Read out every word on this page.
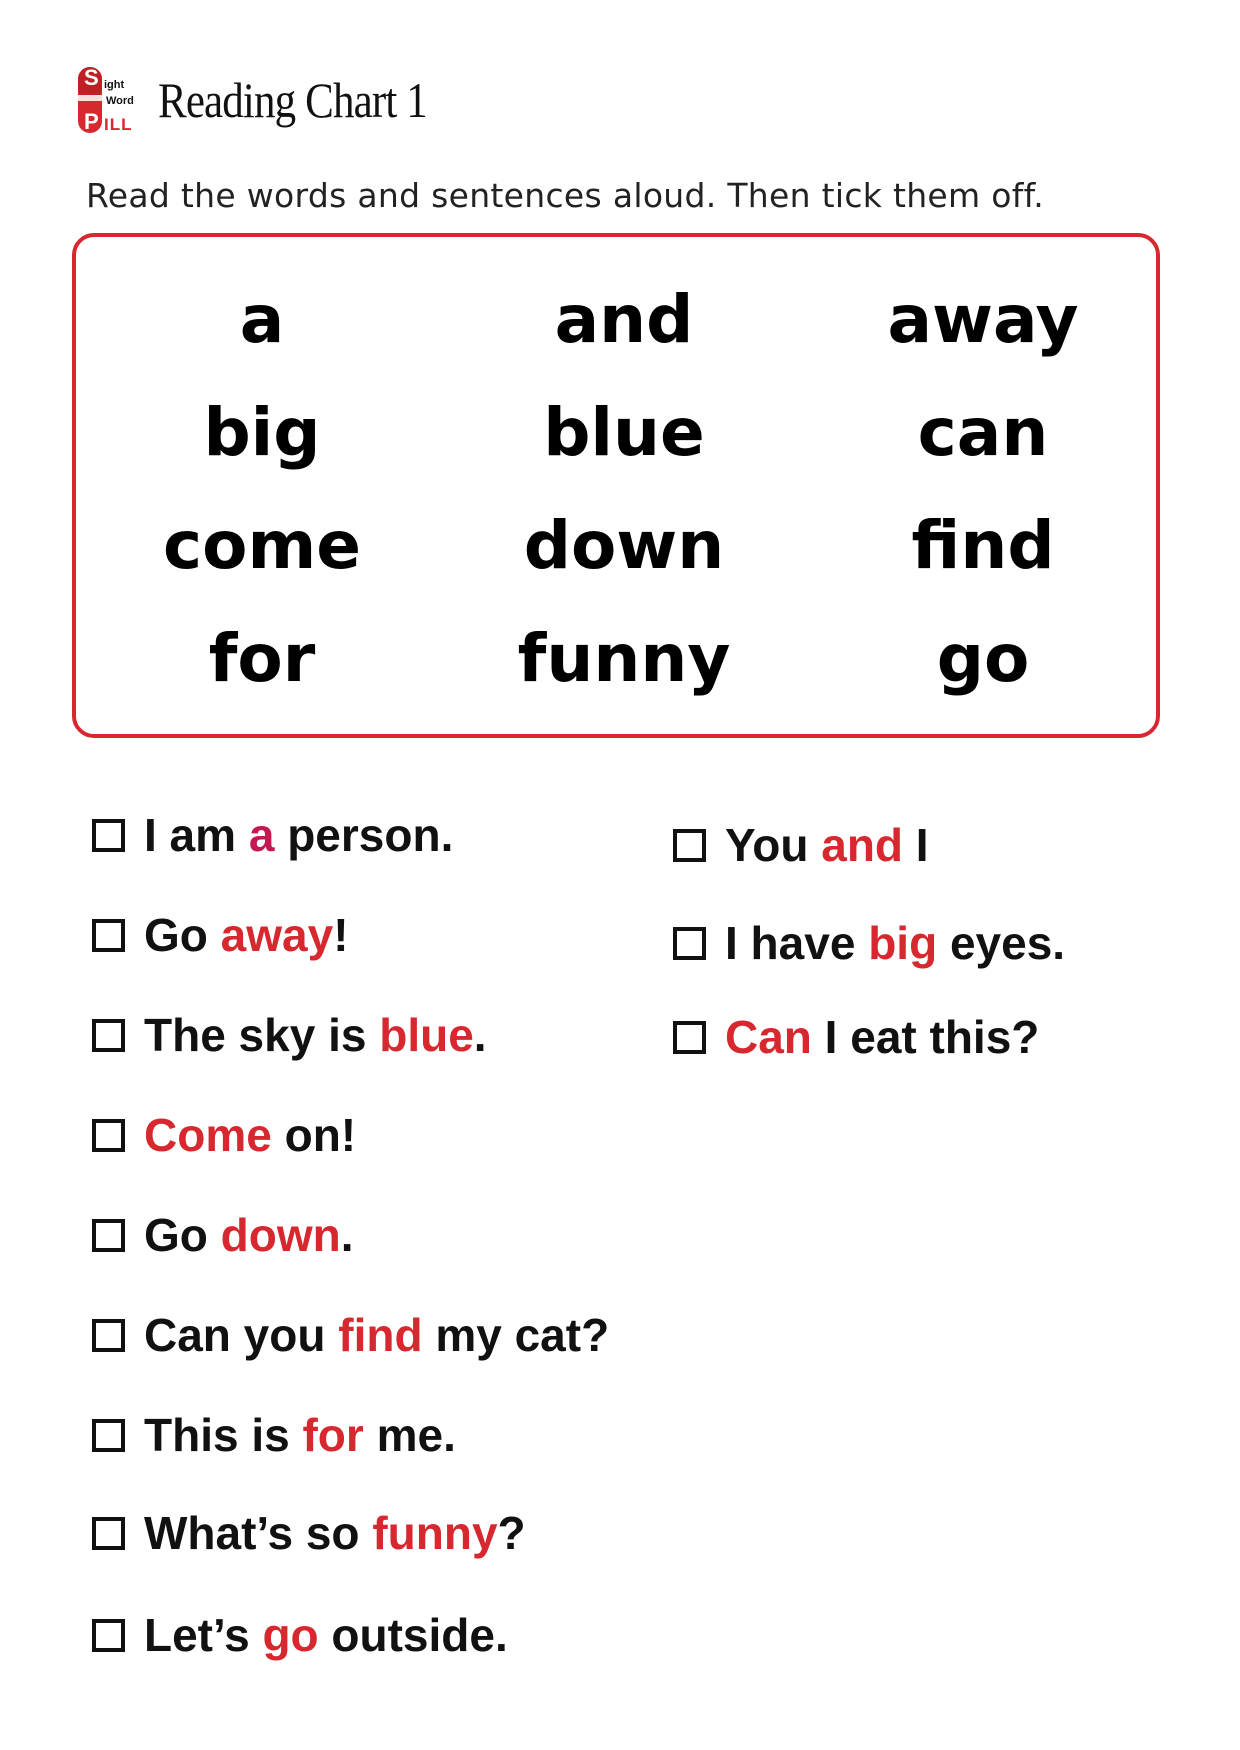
S ight
Word
P ILL Reading Chart 1
Read the words and sentences aloud. Then tick them off.
a	and	away
big	blue	can
come	down	find
for	funny	go
I am a person.
Go away!
The sky is blue.
Come on!
Go down.
Can you find my cat?
This is for me.
What’s so funny?
Let’s go outside.
You and I
I have big eyes.
Can I eat this?
